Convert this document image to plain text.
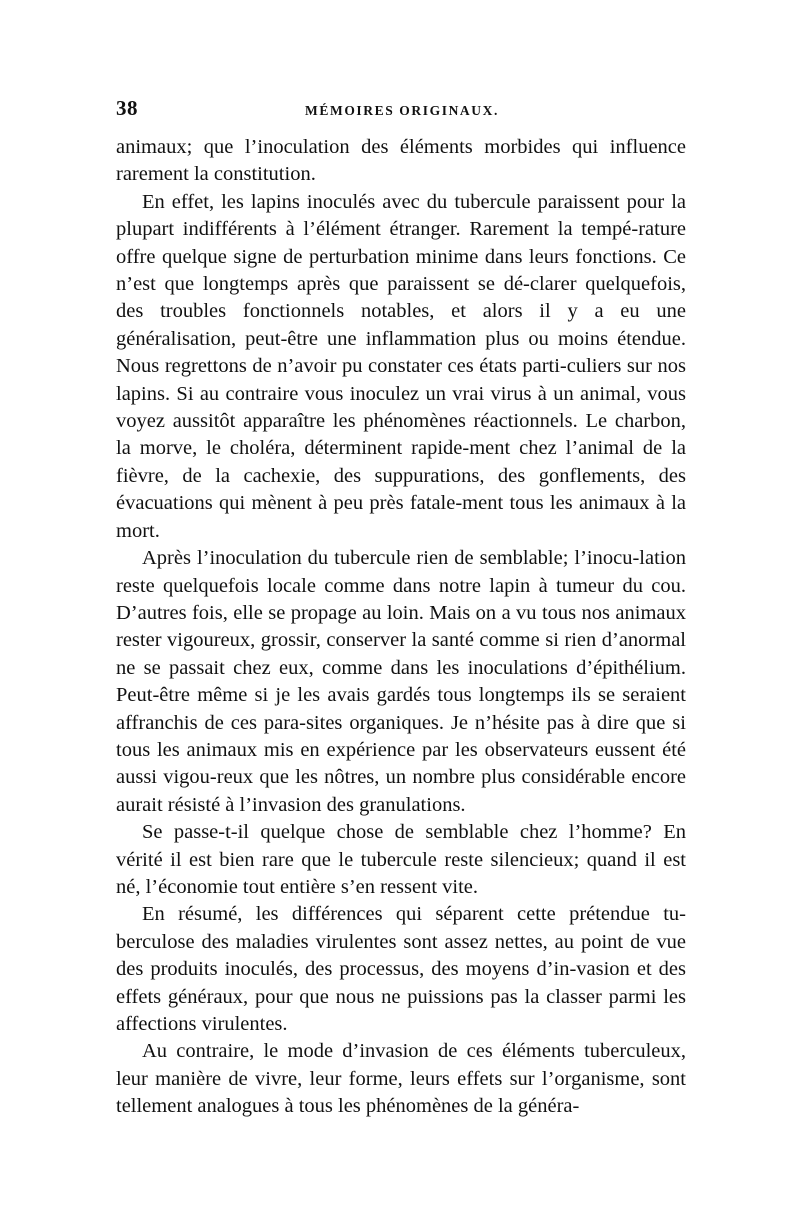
38	MÉMOIRES ORIGINAUX.

animaux; que l’inoculation des éléments morbides qui influence rarement la constitution.

En effet, les lapins inoculés avec du tubercule paraissent pour la plupart indifférents à l’élément étranger. Rarement la tempé-rature offre quelque signe de perturbation minime dans leurs fonctions. Ce n’est que longtemps après que paraissent se dé-clarer quelquefois, des troubles fonctionnels notables, et alors il y a eu une généralisation, peut-être une inflammation plus ou moins étendue. Nous regrettons de n’avoir pu constater ces états parti-culiers sur nos lapins. Si au contraire vous inoculez un vrai virus à un animal, vous voyez aussitôt apparaître les phénomènes réactionnels. Le charbon, la morve, le choléra, déterminent rapide-ment chez l’animal de la fièvre, de la cachexie, des suppurations, des gonflements, des évacuations qui mènent à peu près fatale-ment tous les animaux à la mort.

Après l’inoculation du tubercule rien de semblable; l’inocu-lation reste quelquefois locale comme dans notre lapin à tumeur du cou. D’autres fois, elle se propage au loin. Mais on a vu tous nos animaux rester vigoureux, grossir, conserver la santé comme si rien d’anormal ne se passait chez eux, comme dans les inoculations d’épithélium. Peut-être même si je les avais gardés tous longtemps ils se seraient affranchis de ces para-sites organiques. Je n’hésite pas à dire que si tous les animaux mis en expérience par les observateurs eussent été aussi vigou-reux que les nôtres, un nombre plus considérable encore aurait résisté à l’invasion des granulations.

Se passe-t-il quelque chose de semblable chez l’homme? En vérité il est bien rare que le tubercule reste silencieux; quand il est né, l’économie tout entière s’en ressent vite.

En résumé, les différences qui séparent cette prétendue tu-berculose des maladies virulentes sont assez nettes, au point de vue des produits inoculés, des processus, des moyens d’in-vasion et des effets généraux, pour que nous ne puissions pas la classer parmi les affections virulentes.

Au contraire, le mode d’invasion de ces éléments tuberculeux, leur manière de vivre, leur forme, leurs effets sur l’organisme, sont tellement analogues à tous les phénomènes de la généra-
